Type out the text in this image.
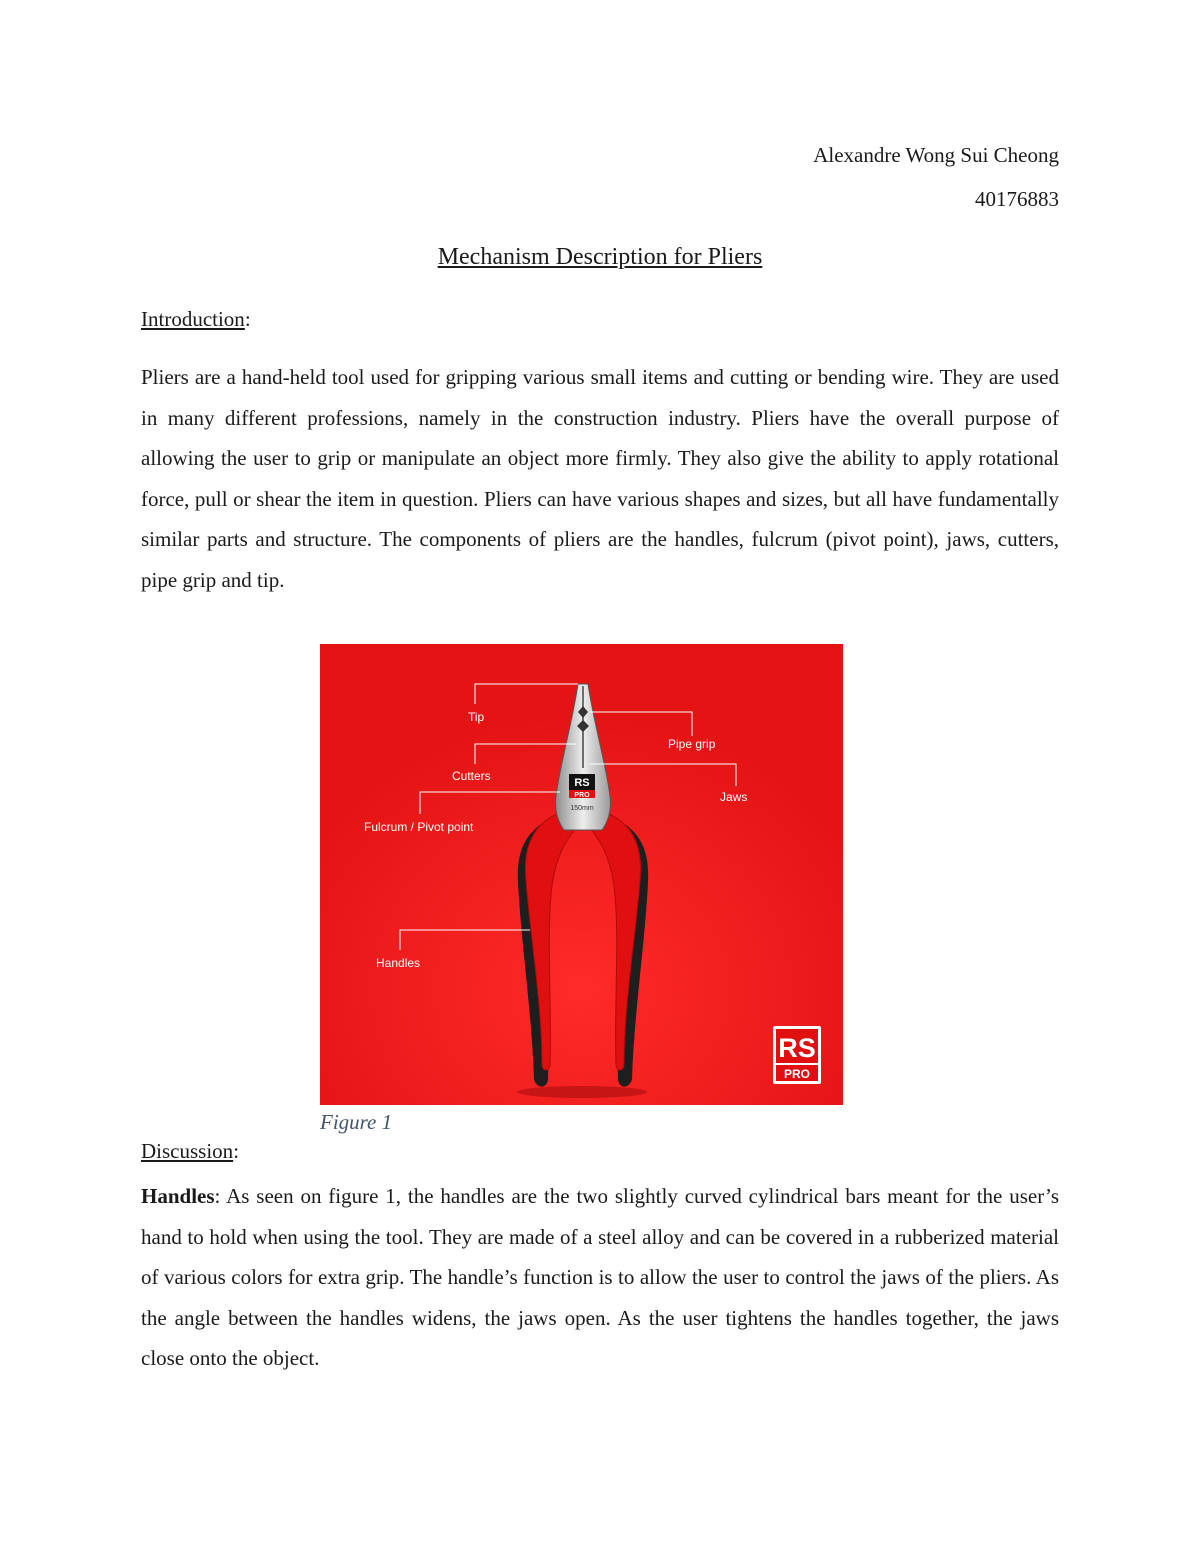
Alexandre Wong Sui Cheong
40176883
Mechanism Description for Pliers
Introduction:

Pliers are a hand-held tool used for gripping various small items and cutting or bending wire. They are used in many different professions, namely in the construction industry. Pliers have the overall purpose of allowing the user to grip or manipulate an object more firmly. They also give the ability to apply rotational force, pull or shear the item in question. Pliers can have various shapes and sizes, but all have fundamentally similar parts and structure. The components of pliers are the handles, fulcrum (pivot point), jaws, cutters, pipe grip and tip.

RS
PRO
150mm
Tip
Pipe grip
Cutters
Jaws
Fulcrum / Pivot point
Handles
RS
PRO
Figure 1
Discussion:

Handles: As seen on figure 1, the handles are the two slightly curved cylindrical bars meant for the user’s hand to hold when using the tool. They are made of a steel alloy and can be covered in a rubberized material of various colors for extra grip. The handle’s function is to allow the user to control the jaws of the pliers. As the angle between the handles widens, the jaws open. As the user tightens the handles together, the jaws close onto the object.
